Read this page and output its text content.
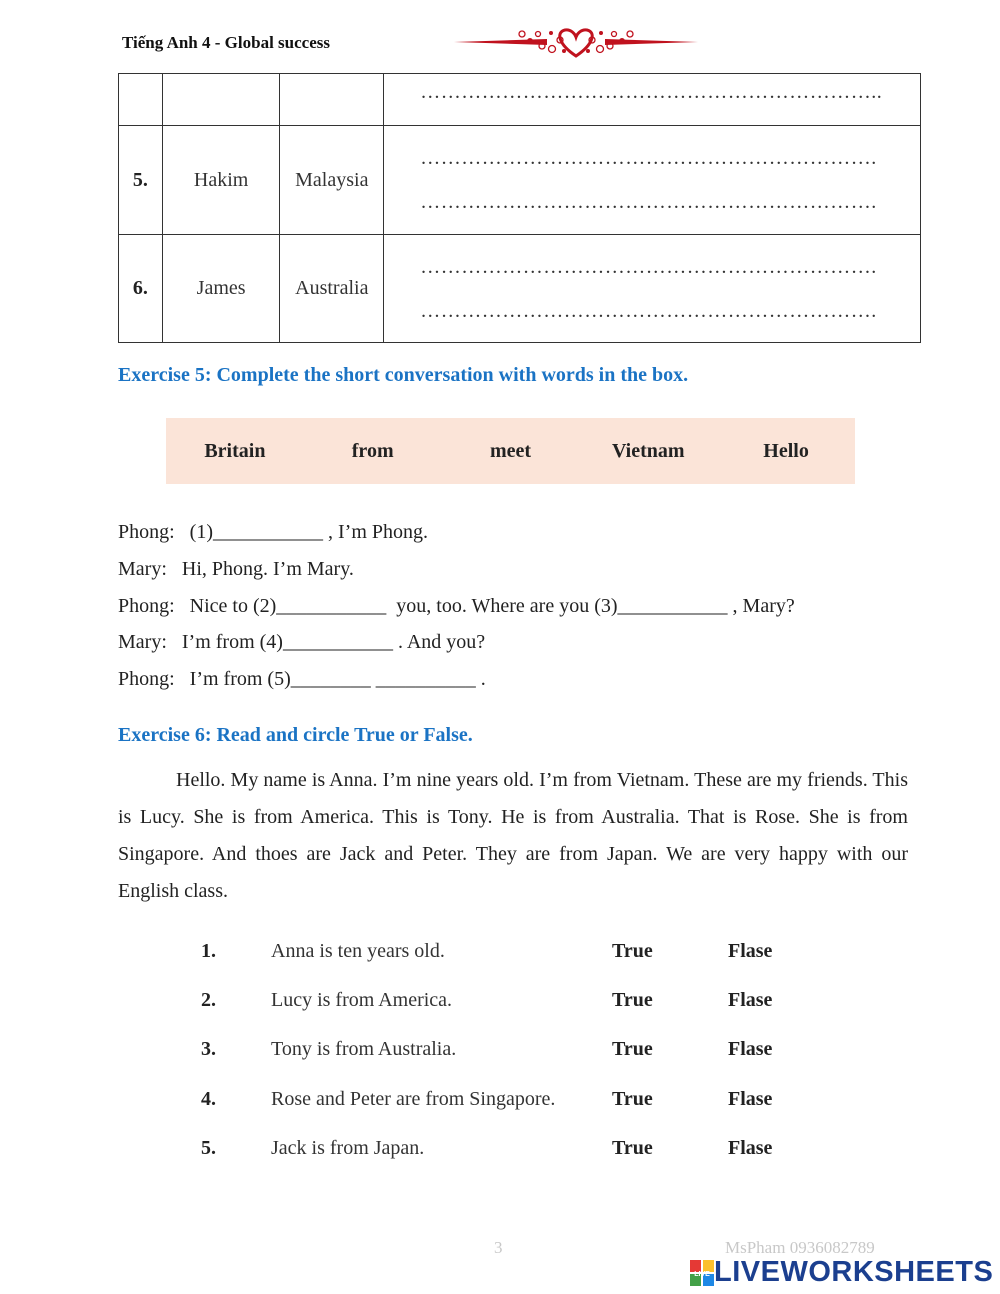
Tiếng Anh 4 - Global success

			…………………………………………………………..

5.	Hakim	Malaysia	………………………………………………………….
………………………………………………………….

6.	James	Australia	………………………………………………………….
………………………………………………………….
Exercise 5: Complete the short conversation with words in the box.
Britain	from	meet	Vietnam	Hello
Phong:   (1)___________ , I’m Phong.
Mary:   Hi, Phong. I’m Mary.
Phong:   Nice to (2)___________  you, too. Where are you (3)___________ , Mary?
Mary:   I’m from (4)___________ . And you?
Phong:   I’m from (5)________ __________ .
Exercise 6: Read and circle True or False.
Hello. My name is Anna. I’m nine years old. I’m from Vietnam. These are my friends. This is Lucy. She is from America. This is Tony. He is from Australia. That is Rose. She is from Singapore. And thoes are Jack and Peter. They are from Japan. We are very happy with our English class.
1.	Anna is ten years old.	True	Flase
2.	Lucy is from America.	True	Flase
3.	Tony is from Australia.	True	Flase
4.	Rose and Peter are from Singapore.	True	Flase
5.	Jack is from Japan.	True	Flase
3	MsPham 0936082789
LIVE LIVEWORKSHEETS
